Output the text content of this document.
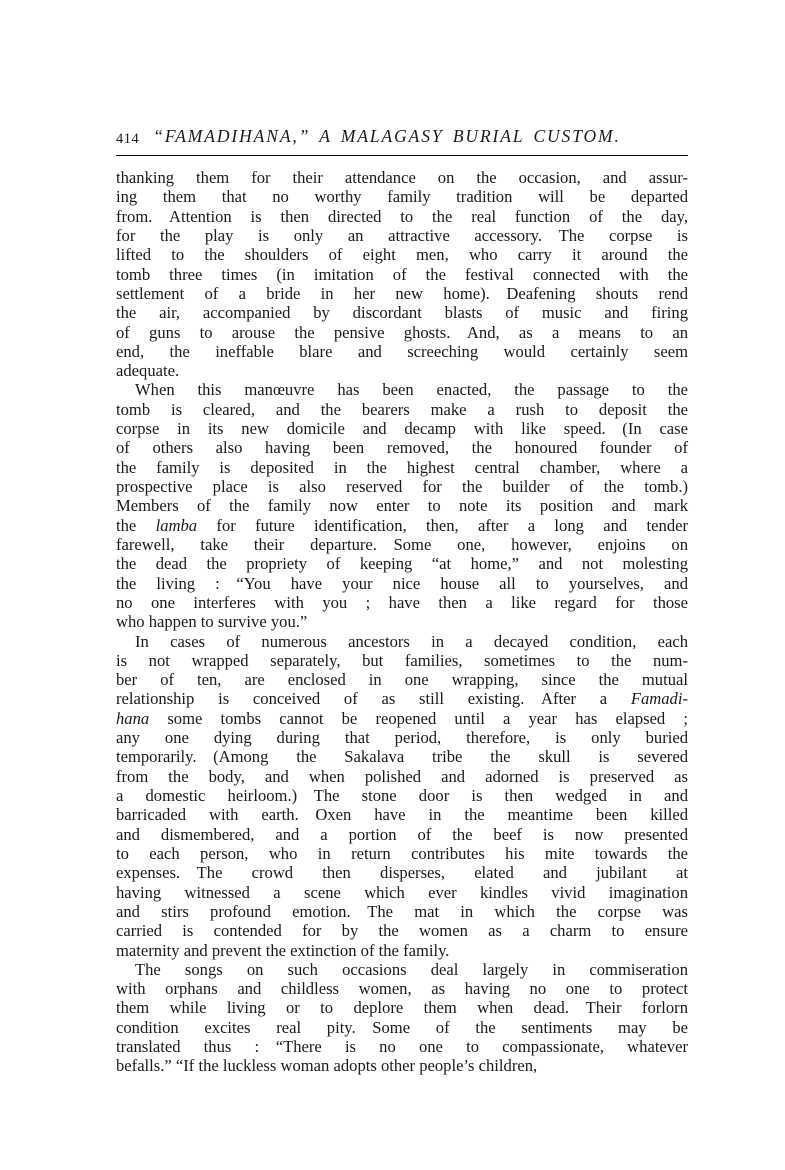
414 “FAMADIHANA,” A MALAGASY BURIAL CUSTOM.
thanking them for their attendance on the occasion, and assur-
ing them that no worthy family tradition will be departed
from. Attention is then directed to the real function of the day,
for the play is only an attractive accessory. The corpse is
lifted to the shoulders of eight men, who carry it around the
tomb three times (in imitation of the festival connected with the
settlement of a bride in her new home). Deafening shouts rend
the air, accompanied by discordant blasts of music and firing
of guns to arouse the pensive ghosts. And, as a means to an
end, the ineffable blare and screeching would certainly seem
adequate.
When this manœuvre has been enacted, the passage to the
tomb is cleared, and the bearers make a rush to deposit the
corpse in its new domicile and decamp with like speed. (In case
of others also having been removed, the honoured founder of
the family is deposited in the highest central chamber, where a
prospective place is also reserved for the builder of the tomb.)
Members of the family now enter to note its position and mark
the lamba for future identification, then, after a long and tender
farewell, take their departure. Some one, however, enjoins on
the dead the propriety of keeping “at home,” and not molesting
the living : “You have your nice house all to yourselves, and
no one interferes with you ; have then a like regard for those
who happen to survive you.”
In cases of numerous ancestors in a decayed condition, each
is not wrapped separately, but families, sometimes to the num-
ber of ten, are enclosed in one wrapping, since the mutual
relationship is conceived of as still existing. After a Famadi-
hana some tombs cannot be reopened until a year has elapsed ;
any one dying during that period, therefore, is only buried
temporarily. (Among the Sakalava tribe the skull is severed
from the body, and when polished and adorned is preserved as
a domestic heirloom.) The stone door is then wedged in and
barricaded with earth. Oxen have in the meantime been killed
and dismembered, and a portion of the beef is now presented
to each person, who in return contributes his mite towards the
expenses. The crowd then disperses, elated and jubilant at
having witnessed a scene which ever kindles vivid imagination
and stirs profound emotion. The mat in which the corpse was
carried is contended for by the women as a charm to ensure
maternity and prevent the extinction of the family.
The songs on such occasions deal largely in commiseration
with orphans and childless women, as having no one to protect
them while living or to deplore them when dead. Their forlorn
condition excites real pity. Some of the sentiments may be
translated thus : “There is no one to compassionate, whatever
befalls.” “If the luckless woman adopts other people’s children,
